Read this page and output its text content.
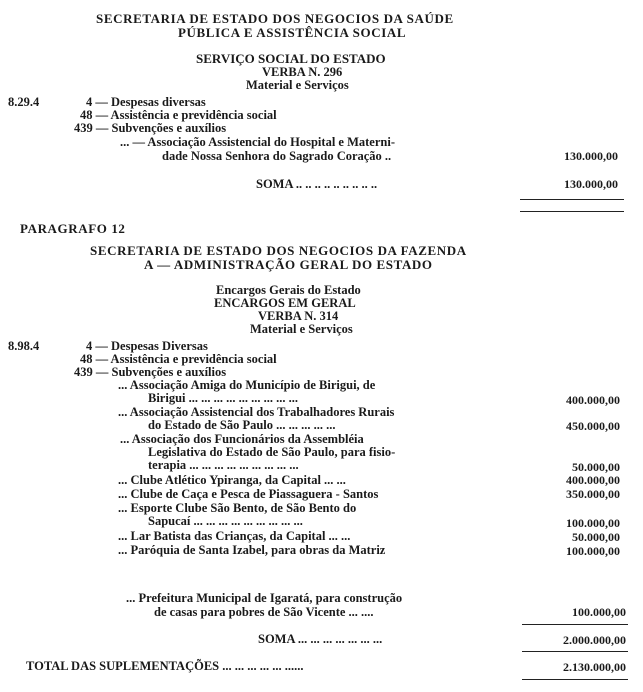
SECRETARIA DE ESTADO DOS NEGOCIOS DA SAÚDE
PÚBLICA E ASSISTÊNCIA SOCIAL
SERVIÇO SOCIAL DO ESTADO
VERBA N. 296
Material e Serviços
8.29.4	4 — Despesas diversas
48 — Assistência e previdência social
439 — Subvenções e auxílios
... — Associação Assistencial do Hospital e Materni-
dade Nossa Senhora do Sagrado Coração ..	130.000,00
SOMA .. .. .. .. .. .. .. .. ..	130.000,00
PARAGRAFO 12
SECRETARIA DE ESTADO DOS NEGOCIOS DA FAZENDA
A — ADMINISTRAÇÃO GERAL DO ESTADO
Encargos Gerais do Estado
ENCARGOS EM GERAL
VERBA N. 314
Material e Serviços
8.98.4	4 — Despesas Diversas
48 — Assistência e previdência social
439 — Subvenções e auxílios
... Associação Amiga do Município de Birigui, de
Birigui ... ... ... ... ... ... ... ... ...	400.000,00
... Associação Assistencial dos Trabalhadores Rurais
do Estado de São Paulo ... ... ... ... ...	450.000,00
... Associação dos Funcionários da Assembléia
Legislativa do Estado de São Paulo, para fisio-
terapia ... ... ... ... ... ... ... ... ...	50.000,00
... Clube Atlético Ypiranga, da Capital ... ...	400.000,00
... Clube de Caça e Pesca de Piassaguera - Santos	350.000,00
... Esporte Clube São Bento, de São Bento do
Sapucaí ... ... ... ... ... ... ... ... ...	100.000,00
... Lar Batista das Crianças, da Capital ... ...	50.000,00
... Paróquia de Santa Izabel, para obras da Matriz	100.000,00
... Prefeitura Municipal de Igaratá, para construção
de casas para pobres de São Vicente ... ....	100.000,00
SOMA ... ... ... ... ... ... ...	2.000.000,00
TOTAL DAS SUPLEMENTAÇÕES ... ... ... ... ... ......	2.130.000,00
